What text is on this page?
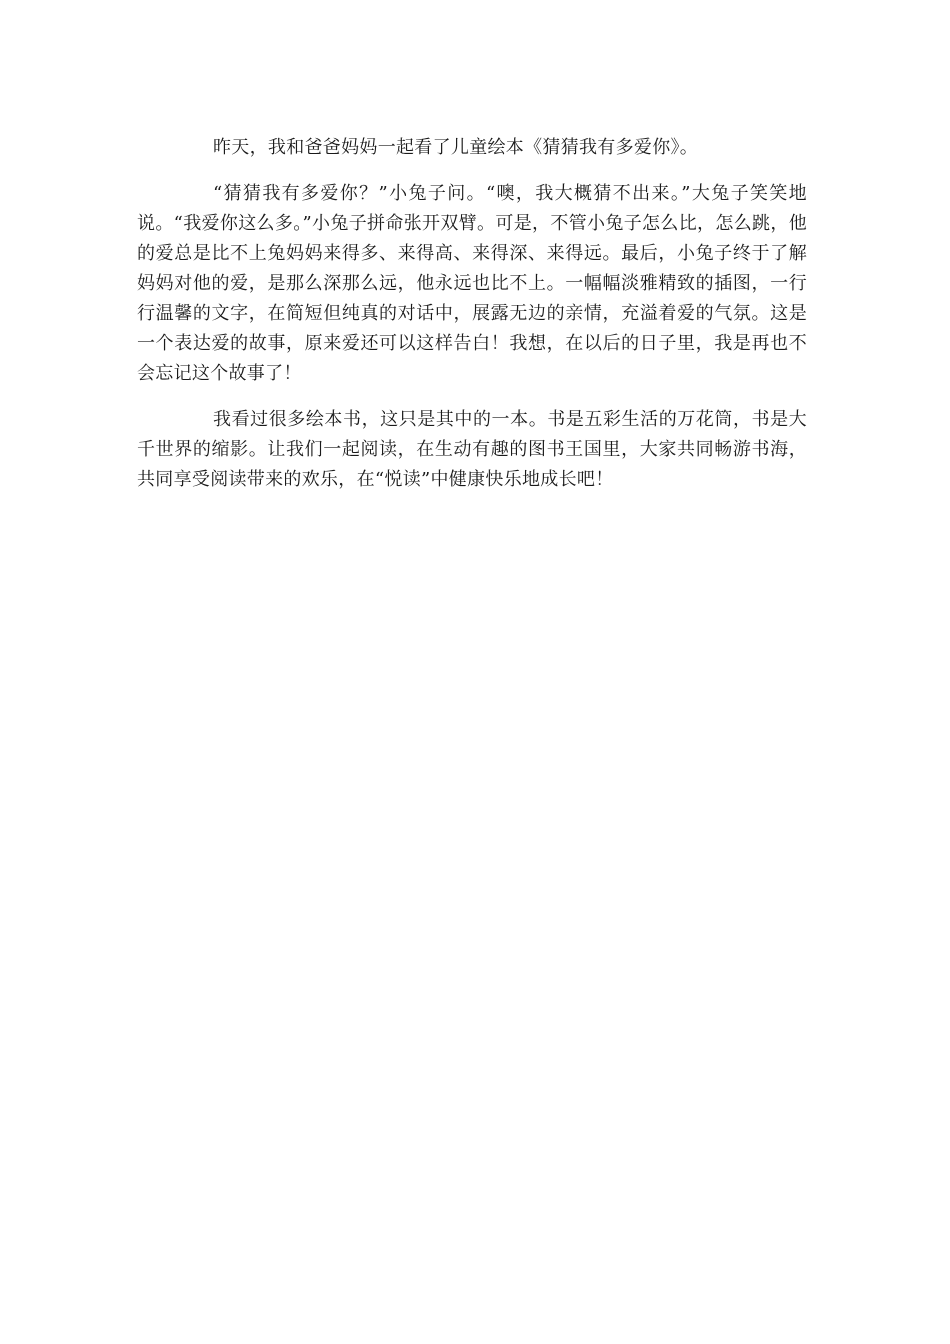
昨天，我和爸爸妈妈一起看了儿童绘本《猜猜我有多爱你》。

“猜猜我有多爱你？”小兔子问。“噢，我大概猜不出来。”大兔子笑笑地说。“我爱你这么多。”小兔子拼命张开双臂。可是，不管小兔子怎么比，怎么跳，他的爱总是比不上兔妈妈来得多、来得高、来得深、来得远。最后，小兔子终于了解妈妈对他的爱，是那么深那么远，他永远也比不上。一幅幅淡雅精致的插图，一行行温馨的文字，在简短但纯真的对话中，展露无边的亲情，充溢着爱的气氛。这是一个表达爱的故事，原来爱还可以这样告白！我想，在以后的日子里，我是再也不会忘记这个故事了！

我看过很多绘本书，这只是其中的一本。书是五彩生活的万花筒，书是大千世界的缩影。让我们一起阅读，在生动有趣的图书王国里，大家共同畅游书海，共同享受阅读带来的欢乐，在“悦读”中健康快乐地成长吧！
